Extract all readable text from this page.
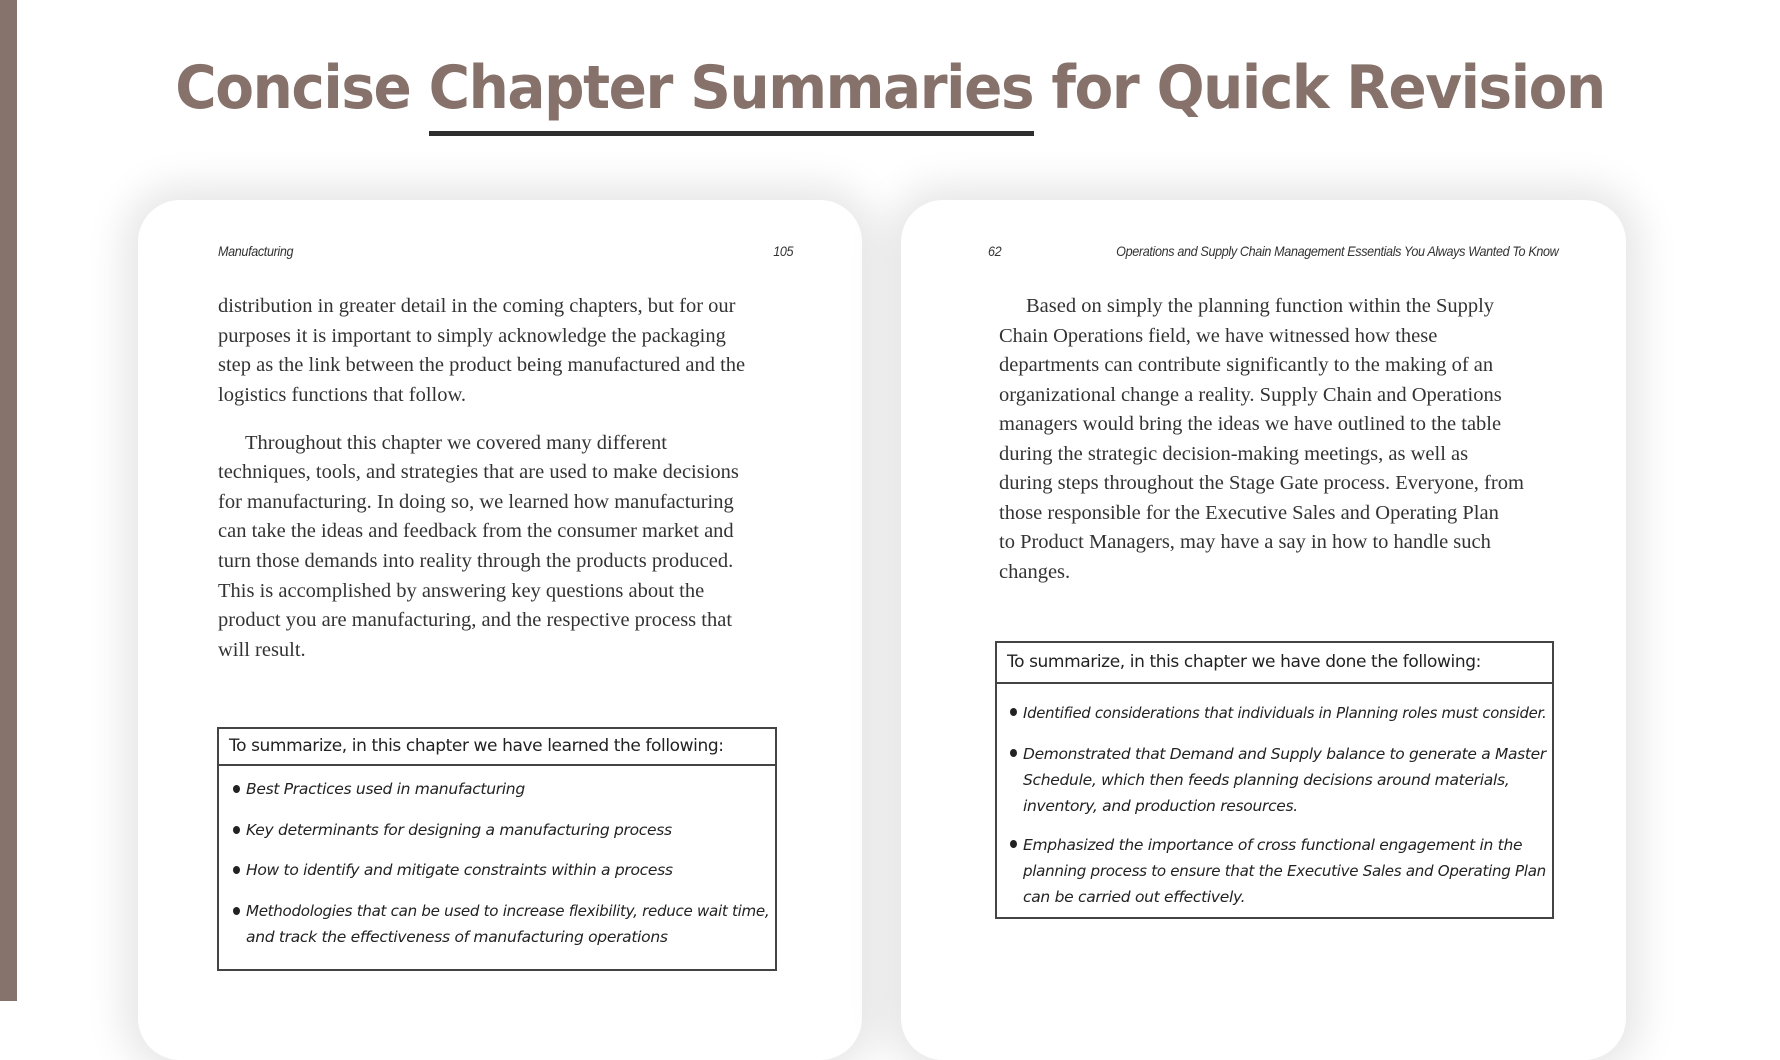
Concise Chapter Summaries for Quick Revision
Manufacturing	105	62	Operations and Supply Chain Management Essentials You Always Wanted To Know
distribution in greater detail in the coming chapters, but for our
purposes it is important to simply acknowledge the packaging
step as the link between the product being manufactured and the
logistics functions that follow.
Throughout this chapter we covered many different
techniques, tools, and strategies that are used to make decisions
for manufacturing. In doing so, we learned how manufacturing
can take the ideas and feedback from the consumer market and
turn those demands into reality through the products produced.
This is accomplished by answering key questions about the
product you are manufacturing, and the respective process that
will result.
To summarize, in this chapter we have learned the following:
Best Practices used in manufacturing
Key determinants for designing a manufacturing process
How to identify and mitigate constraints within a process
Methodologies that can be used to increase flexibility, reduce wait time,
and track the effectiveness of manufacturing operations
Based on simply the planning function within the Supply
Chain Operations field, we have witnessed how these
departments can contribute significantly to the making of an
organizational change a reality. Supply Chain and Operations
managers would bring the ideas we have outlined to the table
during the strategic decision-making meetings, as well as
during steps throughout the Stage Gate process. Everyone, from
those responsible for the Executive Sales and Operating Plan
to Product Managers, may have a say in how to handle such
changes.
To summarize, in this chapter we have done the following:
Identified considerations that individuals in Planning roles must consider.
Demonstrated that Demand and Supply balance to generate a Master
Schedule, which then feeds planning decisions around materials,
inventory, and production resources.
Emphasized the importance of cross functional engagement in the
planning process to ensure that the Executive Sales and Operating Plan
can be carried out effectively.
